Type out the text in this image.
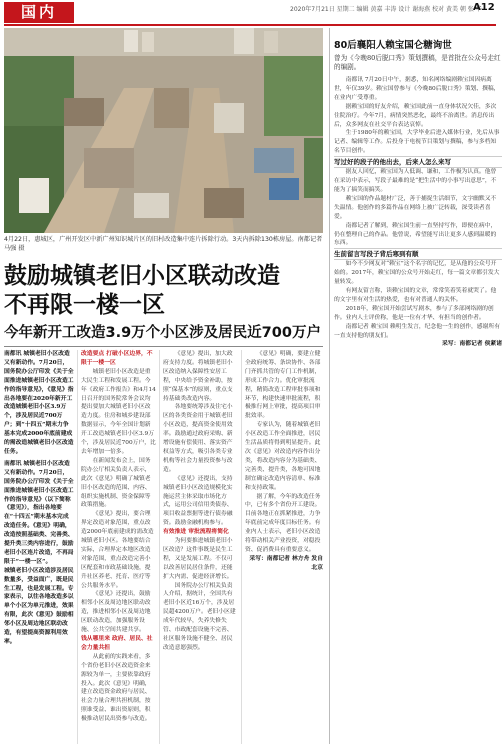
国内	2020年7月21日 星期二 编辑 黄嘉 丰涛 设计 谢海燕 校对 黄美 朝 张 华
A12
4月22日，惠城区，广州开发区中新广州知识城片区的旧村改造集中连片拆除行动。3天内拆除130栋房屋。南都记者 马强 摄
鼓励城镇老旧小区联动改造
不再限一楼一区
今年新开工改造3.9万个小区涉及居民近700万户

南都讯 城镇老旧小区改造又有新动作。7月20日，国务院办公厅印发《关于全面推进城镇老旧小区改造工作的指导意见》，《意见》指出各地要在2020年新开工改造城镇老旧小区3.9万个，涉及居民近700万户；到“十四五”期末力争基本完成2000年底前建成的需改造城镇老旧小区改造任务。

南都讯 城镇老旧小区改造又有新动作。7月20日，国务院办公厅印发《关于全面推进城镇老旧小区改造工作的指导意见》（以下简称《意见》），指出各地要在“十四五”期末基本完成改造任务。《意见》明确，改造按照基础类、完善类、提升类三类内容进行，鼓励老旧小区连片改造，不再局限于“一楼一区”。

城镇老旧小区改造涉及居民数量多，受益面广，既是民生工程，也是发展工程。专家表示，以往各地改造多以单个小区为单元推进，效果有限，此次《意见》鼓励相邻小区及周边地区联动改造，有望提高资源利用效率。

改造要点 打破小区边界，不限于一楼一区

城镇老旧小区改造是重大民生工程和发展工程。今年《政府工作报告》和4月14日召开的国务院常务会议均提出要加大城镇老旧小区改造力度。住房和城乡建设部数据显示，今年全国计划新开工改造城镇老旧小区3.9万个，涉及居民近700万户，比去年增加一倍多。

在新闻发布会上，国务院办公厅相关负责人表示，此次《意见》明确了城镇老旧小区改造的范围、内容、组织实施机制、资金保障等政策措施。

《意见》提出，要合理界定改造对象范围，重点改造2000年底前建成的需改造城镇老旧小区。各地要结合实际，合理界定本地区改造对象范围，重点改造完善小区配套和市政基础设施，提升社区养老、托育、医疗等公共服务水平。

《意见》还提出，鼓励相邻小区及周边地区联动改造，推进相邻小区及周边地区联动改造，加强服务设施、公共空间共建共享。

钱从哪里来 政府、居民、社会力量共担

从此前的实践来看，多个省份老旧小区改造资金来源较为单一，主要依靠政府投入。此次《意见》明确，建立改造资金政府与居民、社会力量合理共担机制，按照谁受益、谁出资原则，积极推动居民出资参与改造。

《意见》提出，加大政府支持力度。将城镇老旧小区改造纳入保障性安居工程，中央给予资金补助，按照“保基本”的原则，重点支持基础类改造内容。

各地要统筹涉及住宅小区的各类资金用于城镇老旧小区改造，提高资金使用效率。鼓励通过政府采购、新增设施有偿使用、落实资产权益等方式，吸引各类专业机构等社会力量投资参与改造。

《意见》还提出，支持城镇老旧小区改造规模化实施运营主体采取市场化方式，运用公司信用类债券、项目收益票据等进行债券融资。鼓励金融机构参与。

有效推进 审批流程将简化

为何要推进城镇老旧小区改造？这件事既是民生工程，又是发展工程。不仅可以改善居民居住条件，还能扩大内需、促进经济增长。

国务院办公厅相关负责人介绍，据统计，全国共有老旧小区近16万个，涉及居民超4200万户。老旧小区建成年代较早，失养失修失管、市政配套设施不完善、社区服务设施不健全、居民改造意愿强烈。

《意见》明确，要建立健全政府统筹、条块协作、各部门齐抓共管的专门工作机制，形成工作合力。优化审批流程，精简改造工程审批事项和环节，构建快速审批流程，积极推行网上审批，提高项目审批效率。

专家认为，随着城镇老旧小区改造工作全面推进，居民生活品质将得到明显提升。此次《意见》对改造内容作出分类，将改造内容分为基础类、完善类、提升类，各地可因地制宜确定改造内容清单、标准和支持政策。

据了解，今年的改造任务中，已有多个省份开工建设。目前各地正在抓紧推进，力争年底前完成年度目标任务。有业内人士表示，老旧小区改造将带动相关产业投资，对稳投资、促消费具有重要意义。

采写：南都记者 林方舟 发自北京

80后襄阳人赖宝国仑糖询世
曾为《今晚80后脱口秀》策划撰稿，是首批在公众号走红的编剧。

南都讯 7月20日中午，据悉，知名网络编剧赖宝国因病离世，年仅39岁。赖宝国曾参与《今晚80后脱口秀》策划、撰稿，在业内广受尊重。

据赖宝国的好友介绍，赖宝国此前一直身体状况欠佳，多次住院治疗。今年7月，病情突然恶化，最终不治离世。消息传出后，众多网友在社交平台表达哀悼。

生于1980年的赖宝国，大学毕业后进入媒体行业，先后从事记者、编辑等工作。后投身于电视节目策划与撰稿，参与多档知名节目创作。

写过好的段子的他出去，后来人怎么来写

据友人回忆，赖宝国为人低调、谦和，工作极为认真。他曾在采访中表示，写段子最难的是“把生活中的小事写出意思”，不能为了搞笑而搞笑。

赖宝国的作品题材广泛，善于捕捉生活细节，文字幽默又不失温情。他创作的多篇作品在网络上被广泛转载，深受读者喜爱。

南都记者了解到，赖宝国生前一直坚持写作，即便在病中，仍在整理自己的作品。他曾说，希望能写出让更多人感到温暖的东西。

生前留言写段子背后寒到有顺

如今不少网友对“赖宝”这个名字的记忆，是从他的公众号开始的。2017年，赖宝国的公众号开始走红，每一篇文章都引发大量转发。

有网友留言称，读赖宝国的文章，常常笑着笑着就哭了。他的文字里有对生活的热爱，也有对普通人的关怀。

2018年，赖宝国开始尝试写剧本，参与了多部网络剧的创作。业内人士评价称，他是一位有才华、有担当的创作者。

南都记者 赖宝国 赖明生发言，纪念他一生的创作，感谢所有一直支持他的朋友们。

采写：南都记者 侯紧诸
